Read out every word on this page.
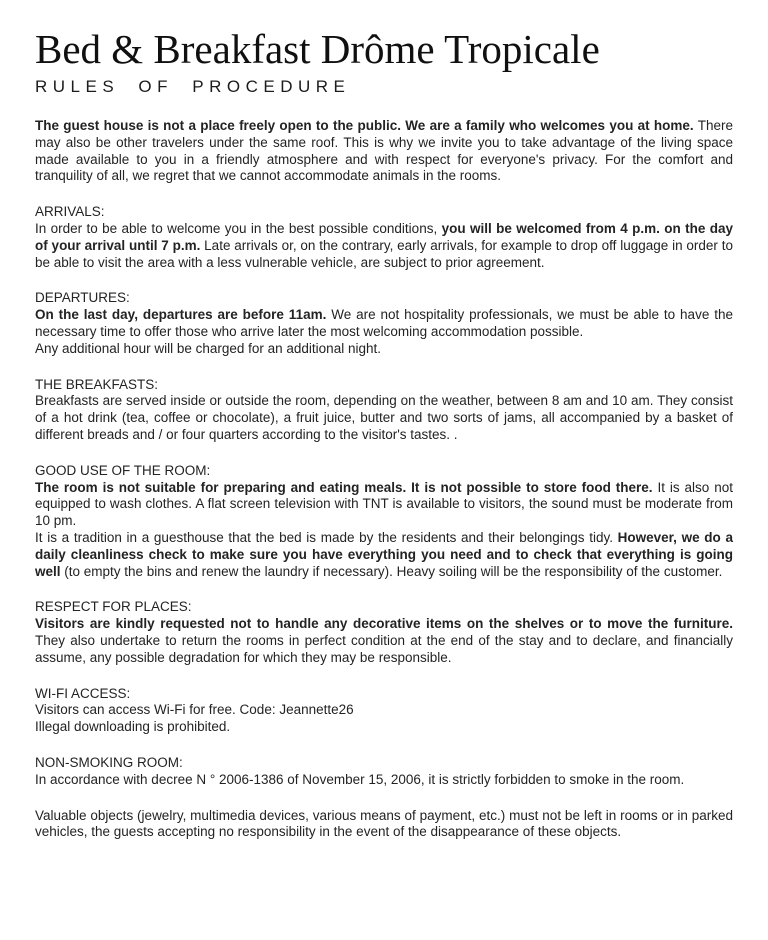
Bed & Breakfast Drôme Tropicale
RULES OF PROCEDURE

The guest house is not a place freely open to the public. We are a family who welcomes you at home. There may also be other travelers under the same roof. This is why we invite you to take advantage of the living space made available to you in a friendly atmosphere and with respect for everyone's privacy. For the comfort and tranquility of all, we regret that we cannot accommodate animals in the rooms.

ARRIVALS:

In order to be able to welcome you in the best possible conditions, you will be welcomed from 4 p.m. on the day of your arrival until 7 p.m. Late arrivals or, on the contrary, early arrivals, for example to drop off luggage in order to be able to visit the area with a less vulnerable vehicle, are subject to prior agreement.

DEPARTURES:

On the last day, departures are before 11am. We are not hospitality professionals, we must be able to have the necessary time to offer those who arrive later the most welcoming accommodation possible.

Any additional hour will be charged for an additional night.

THE BREAKFASTS:

Breakfasts are served inside or outside the room, depending on the weather, between 8 am and 10 am. They consist of a hot drink (tea, coffee or chocolate), a fruit juice, butter and two sorts of jams, all accompanied by a basket of different breads and / or four quarters according to the visitor's tastes. .

GOOD USE OF THE ROOM:

The room is not suitable for preparing and eating meals. It is not possible to store food there. It is also not equipped to wash clothes. A flat screen television with TNT is available to visitors, the sound must be moderate from 10 pm.

It is a tradition in a guesthouse that the bed is made by the residents and their belongings tidy. However, we do a daily cleanliness check to make sure you have everything you need and to check that everything is going well (to empty the bins and renew the laundry if necessary). Heavy soiling will be the responsibility of the customer.

RESPECT FOR PLACES:

Visitors are kindly requested not to handle any decorative items on the shelves or to move the furniture. They also undertake to return the rooms in perfect condition at the end of the stay and to declare, and financially assume, any possible degradation for which they may be responsible.

WI-FI ACCESS:

Visitors can access Wi-Fi for free. Code: Jeannette26

Illegal downloading is prohibited.

NON-SMOKING ROOM:

In accordance with decree N ° 2006-1386 of November 15, 2006, it is strictly forbidden to smoke in the room.

Valuable objects (jewelry, multimedia devices, various means of payment, etc.) must not be left in rooms or in parked vehicles, the guests accepting no responsibility in the event of the disappearance of these objects.
